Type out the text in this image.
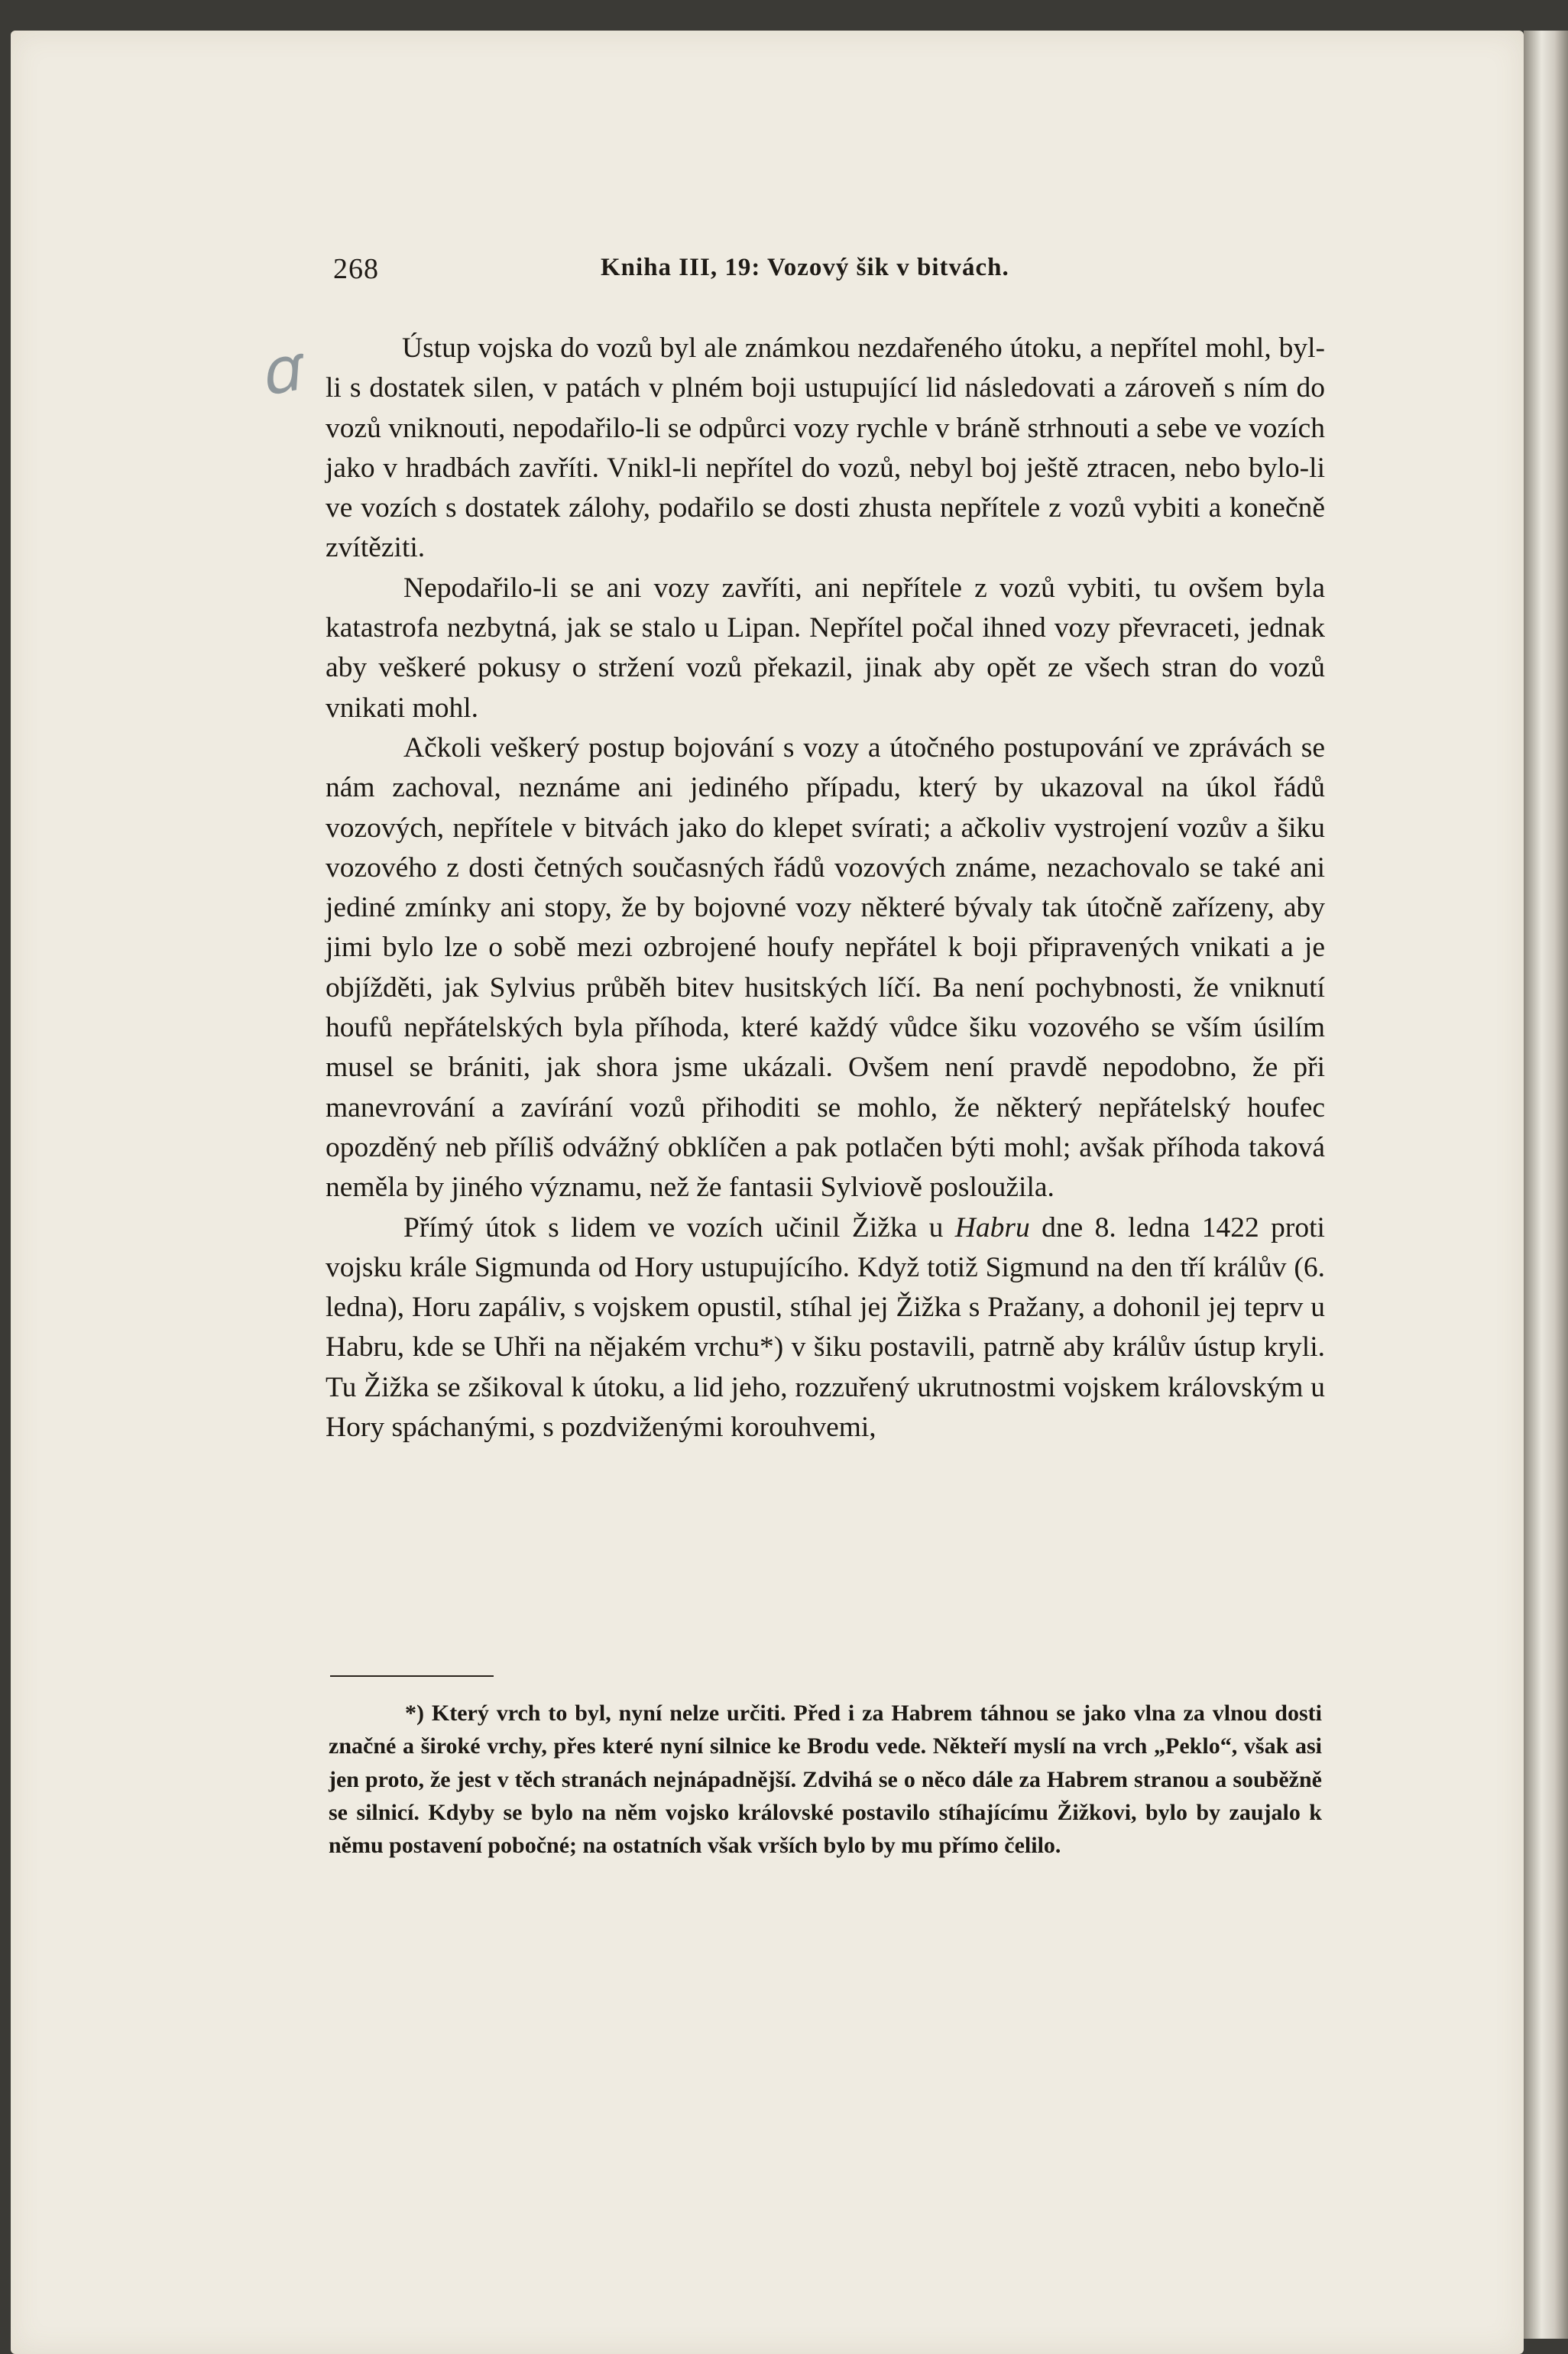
268	Kniha III, 19: Vozový šik v bitvách.
ꭤ	Ústup vojska do vozů byl ale známkou nezdařeného útoku, a nepřítel mohl, byl-li s dostatek silen, v patách v plném boji ustupující lid následovati a zároveň s ním do vozů vniknouti, nepodařilo-li se odpůrci vozy rychle v bráně strhnouti a sebe ve vozích jako v hradbách zavříti. Vnikl-li nepřítel do vozů, nebyl boj ještě ztracen, nebo bylo-li ve vozích s dostatek zálohy, podařilo se dosti zhusta nepřítele z vozů vybiti a konečně zvítěziti.

Nepodařilo-li se ani vozy zavříti, ani nepřítele z vozů vybiti, tu ovšem byla katastrofa nezbytná, jak se stalo u Lipan. Nepřítel počal ihned vozy převraceti, jednak aby veškeré pokusy o stržení vozů překazil, jinak aby opět ze všech stran do vozů vnikati mohl.

Ačkoli veškerý postup bojování s vozy a útočného postupování ve zprávách se nám zachoval, neznáme ani jediného případu, který by ukazoval na úkol řádů vozových, nepřítele v bitvách jako do klepet svírati; a ačkoliv vystrojení vozův a šiku vozového z dosti četných současných řádů vozových známe, nezachovalo se také ani jediné zmínky ani stopy, že by bojovné vozy některé bývaly tak útočně zařízeny, aby jimi bylo lze o sobě mezi ozbrojené houfy nepřátel k boji připravených vnikati a je objížděti, jak Sylvius průběh bitev husitských líčí. Ba není pochybnosti, že vniknutí houfů nepřátelských byla příhoda, které každý vůdce šiku vozového se vším úsilím musel se brániti, jak shora jsme ukázali. Ovšem není pravdě nepodobno, že při manevrování a zavírání vozů přihoditi se mohlo, že některý nepřátelský houfec opozděný neb příliš odvážný obklíčen a pak potlačen býti mohl; avšak příhoda taková neměla by jiného významu, než že fantasii Sylviově posloužila.

Přímý útok s lidem ve vozích učinil Žižka u Habru dne 8. ledna 1422 proti vojsku krále Sigmunda od Hory ustupujícího. Když totiž Sigmund na den tří králův (6. ledna), Horu zapáliv, s vojskem opustil, stíhal jej Žižka s Pražany, a dohonil jej teprv u Habru, kde se Uhři na nějakém vrchu*) v šiku postavili, patrně aby králův ústup kryli. Tu Žižka se zšikoval k útoku, a lid jeho, rozzuřený ukrutnostmi vojskem královským u Hory spáchanými, s pozdviženými korouhvemi,

*) Který vrch to byl, nyní nelze určiti. Před i za Habrem táhnou se jako vlna za vlnou dosti značné a široké vrchy, přes které nyní silnice ke Brodu vede. Někteří myslí na vrch „Peklo“, však asi jen proto, že jest v těch stranách nejnápadnější. Zdvihá se o něco dále za Habrem stranou a souběžně se silnicí. Kdyby se bylo na něm vojsko královské postavilo stíhajícímu Žižkovi, bylo by zaujalo k němu postavení pobočné; na ostatních však vrších bylo by mu přímo čelilo.
